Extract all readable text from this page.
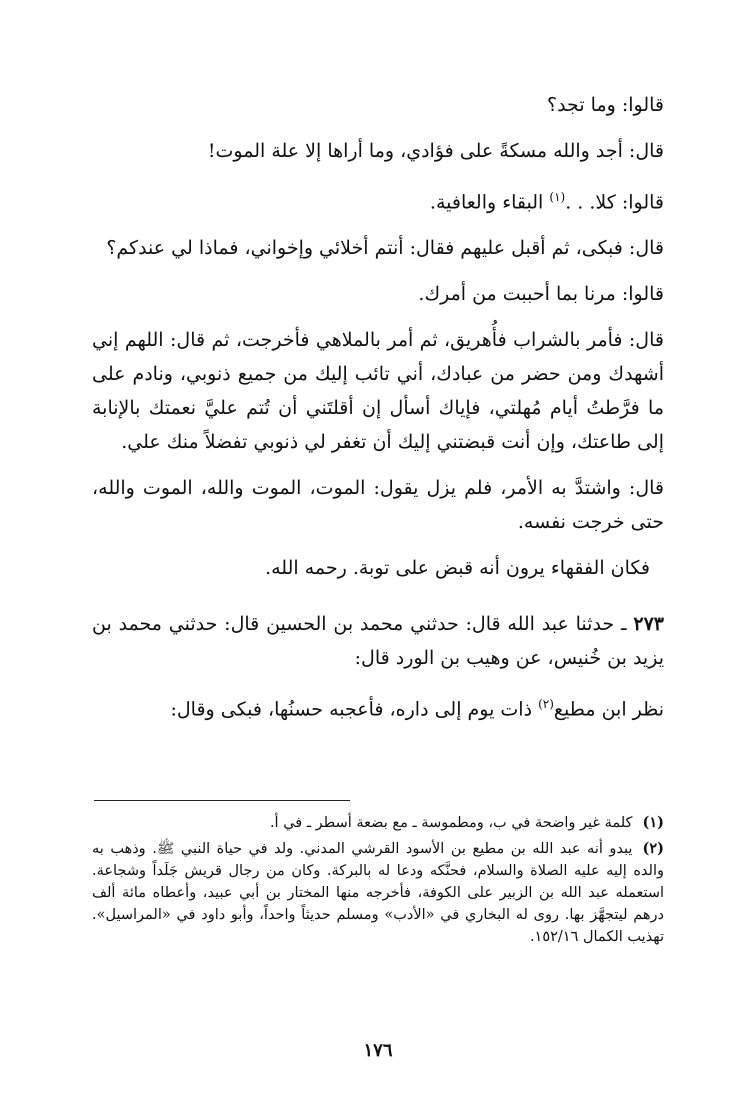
قالوا: وما تجد؟

قال: أجد والله مسكةً على فؤادي، وما أراها إلا علة الموت!

قالوا: كلا. . .$^{(١)}$ البقاء والعافية.

قال: فبكى، ثم أقبل عليهم فقال: أنتم أخلائي وإخواني، فماذا لي عندكم؟

قالوا: مرنا بما أحببت من أمرك.

قال: فأمر بالشراب فأُهريق، ثم أمر بالملاهي فأخرجت، ثم قال: اللهم إني أشهدك ومن حضر من عبادك، أني تائب إليك من جميع ذنوبي، ونادم على ما فرَّطتُ أيام مُهلتي، فإياك أسأل إن أقلتَني أن تُتم عليَّ نعمتك بالإنابة إلى طاعتك، وإن أنت قبضتني إليك أن تغفر لي ذنوبي تفضلاً منك علي.

قال: واشتدَّ به الأمر، فلم يزل يقول: الموت، الموت والله، الموت والله، حتى خرجت نفسه.

فكان الفقهاء يرون أنه قبض على توبة. رحمه الله.

٢٧٣ ـ حدثنا عبد الله قال: حدثني محمد بن الحسين قال: حدثني محمد بن يزيد بن خُنيس، عن وهيب بن الورد قال:

نظر ابن مطيع$^{(٢)}$ ذات يوم إلى داره، فأعجبه حسنُها، فبكى وقال:

(١)كلمة غير واضحة في ب، ومطموسة ـ مع بضعة أسطر ـ في أ.

(٢)يبدو أنه عبد الله بن مطيع بن الأسود القرشي المدني. ولد في حياة النبي ﷺ. وذهب به والده إليه عليه الصلاة والسلام، فحنَّكه ودعا له بالبركة. وكان من رجال قريش جَلَداً وشجاعة. استعمله عبد الله بن الزبير على الكوفة، فأخرجه منها المختار بن أبي عبيد، وأعطاه مائة ألف درهم ليتجهَّز بها. روى له البخاري في «الأدب» ومسلم حديثاً واحداً، وأبو داود في «المراسيل». تهذيب الكمال ١٥٢/١٦.

١٧٦
